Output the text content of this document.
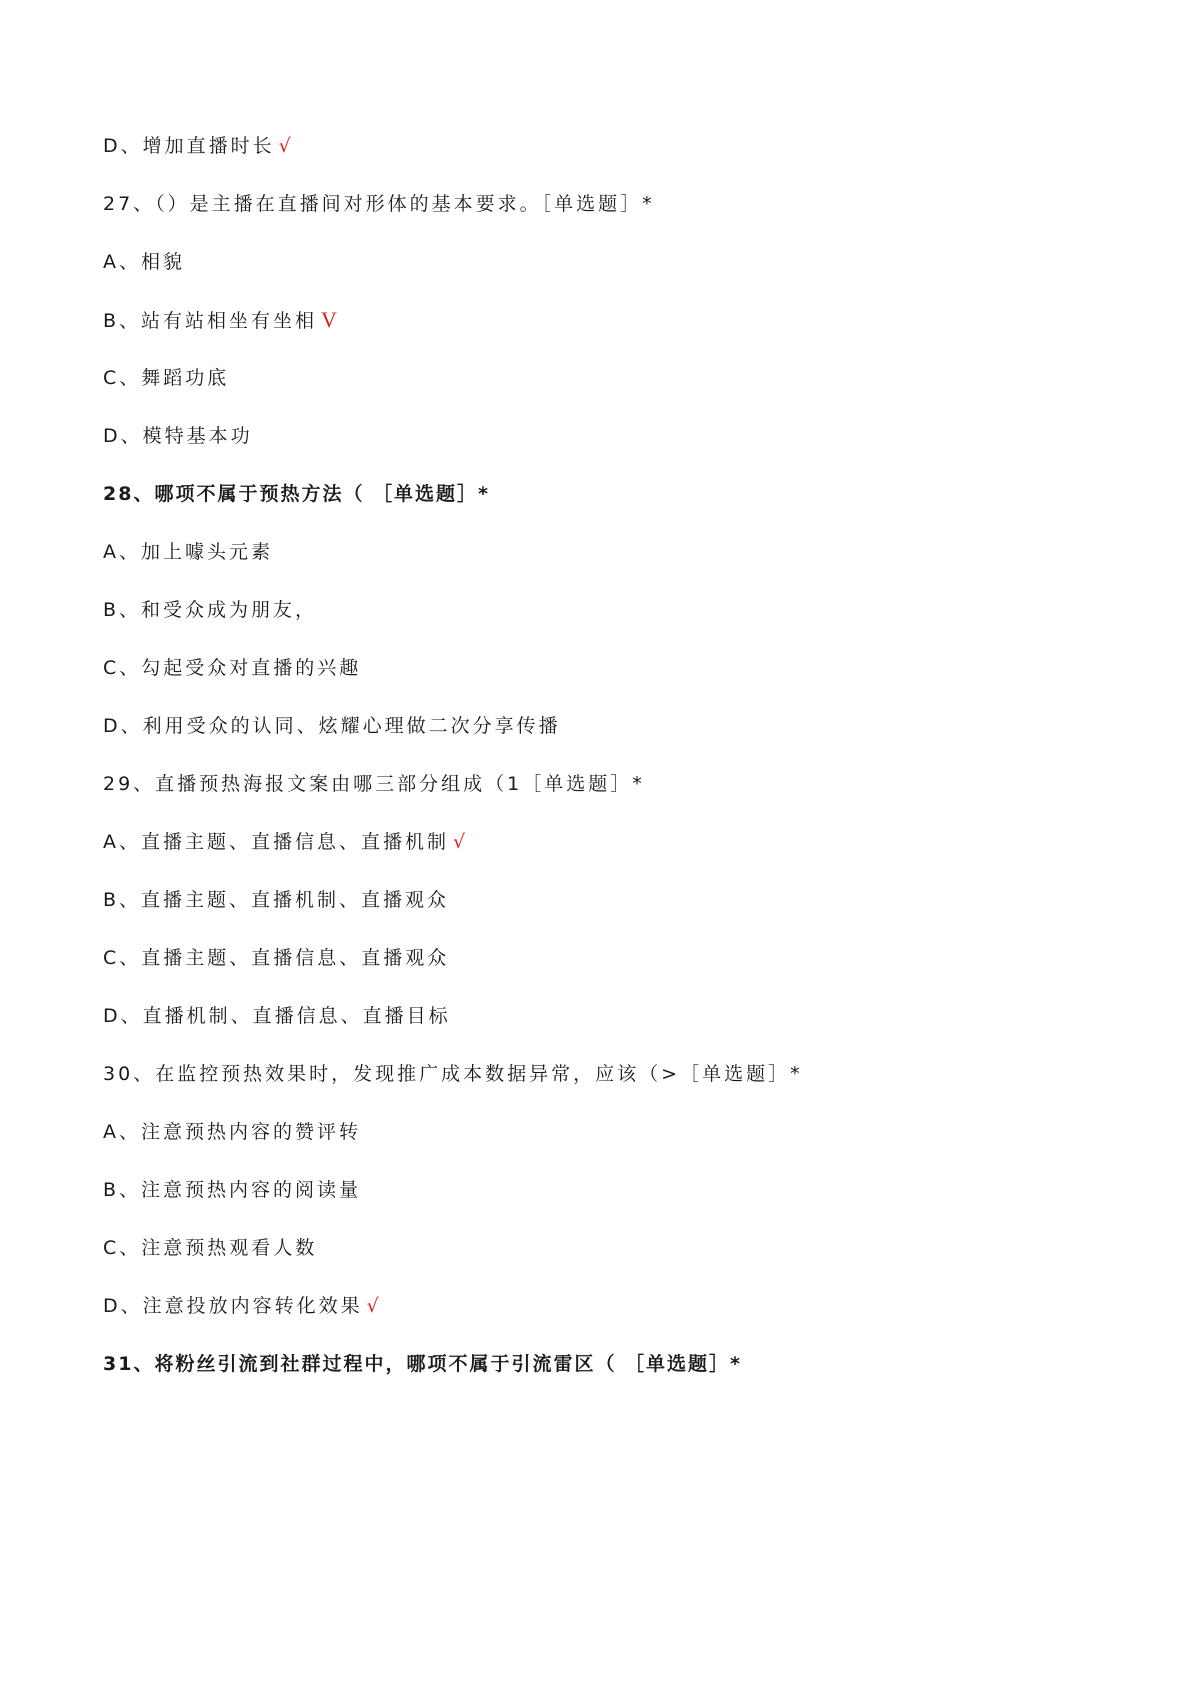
D、增加直播时长 √
27、（）是主播在直播间对形体的基本要求。［单选题］*
A、相貌
B、站有站相坐有坐相 V
C、舞蹈功底
D、模特基本功
28、哪项不属于预热方法（ ［单选题］*
A、加上噱头元素
B、和受众成为朋友，
C、勾起受众对直播的兴趣
D、利用受众的认同、炫耀心理做二次分享传播
29、直播预热海报文案由哪三部分组成（1［单选题］*
A、直播主题、直播信息、直播机制 √
B、直播主题、直播机制、直播观众
C、直播主题、直播信息、直播观众
D、直播机制、直播信息、直播目标
30、在监控预热效果时，发现推广成本数据异常，应该（>［单选题］*
A、注意预热内容的赞评转
B、注意预热内容的阅读量
C、注意预热观看人数
D、注意投放内容转化效果 √
31、将粉丝引流到社群过程中，哪项不属于引流雷区（ ［单选题］*
